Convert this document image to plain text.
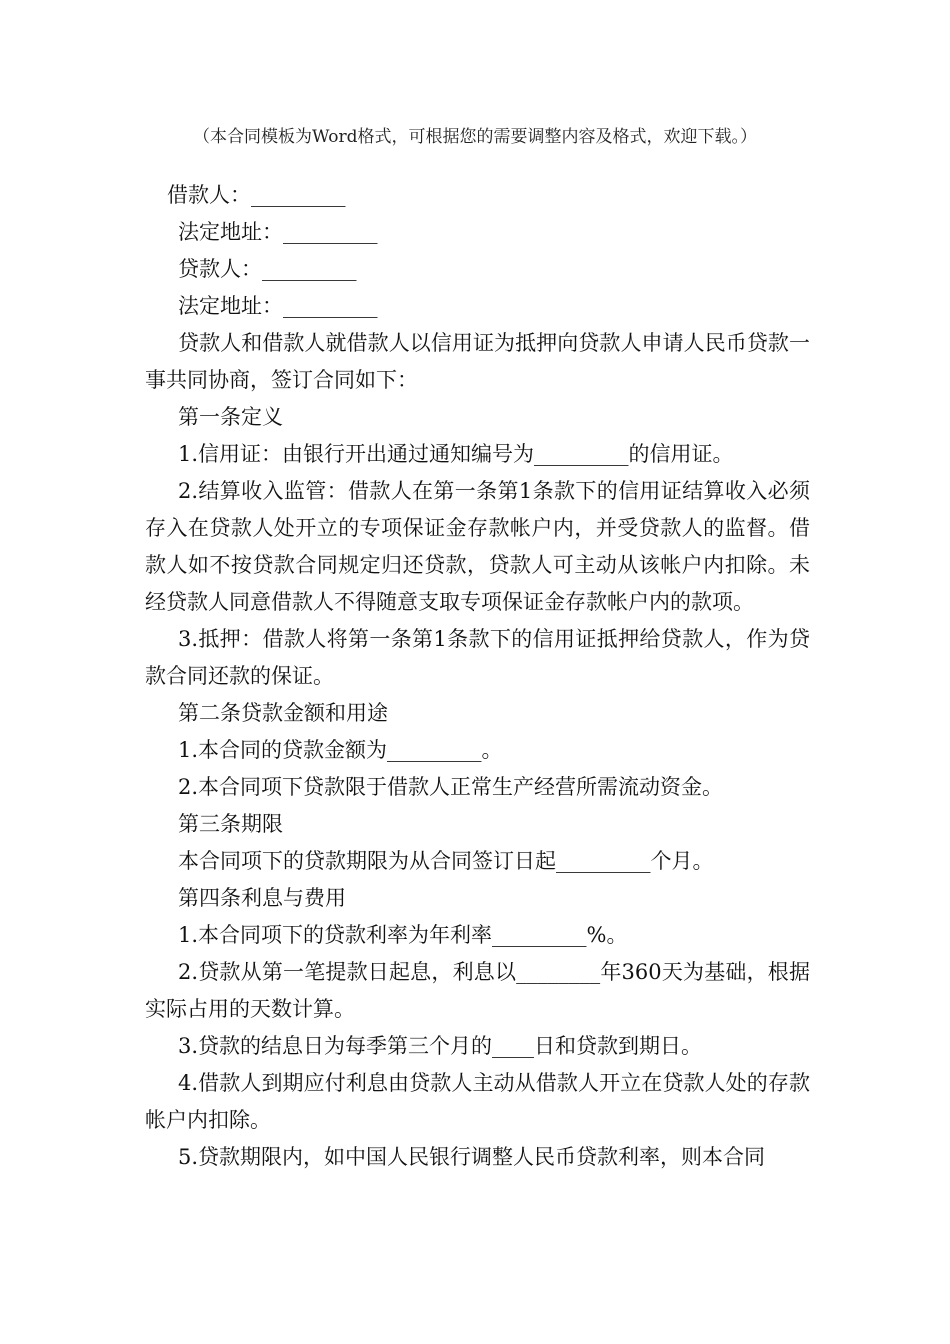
（本合同模板为Word格式，可根据您的需要调整内容及格式，欢迎下载。）

借款人：_________

法定地址：_________

贷款人：_________

法定地址：_________

贷款人和借款人就借款人以信用证为抵押向贷款人申请人民币贷款一事共同协商，签订合同如下：

第一条定义

1.信用证：由银行开出通过通知编号为_________的信用证。

2.结算收入监管：借款人在第一条第1条款下的信用证结算收入必须存入在贷款人处开立的专项保证金存款帐户内，并受贷款人的监督。借款人如不按贷款合同规定归还贷款，贷款人可主动从该帐户内扣除。未经贷款人同意借款人不得随意支取专项保证金存款帐户内的款项。

3.抵押：借款人将第一条第1条款下的信用证抵押给贷款人，作为贷款合同还款的保证。

第二条贷款金额和用途

1.本合同的贷款金额为_________。

2.本合同项下贷款限于借款人正常生产经营所需流动资金。

第三条期限

本合同项下的贷款期限为从合同签订日起_________个月。

第四条利息与费用

1.本合同项下的贷款利率为年利率_________%。

2.贷款从第一笔提款日起息，利息以________年360天为基础，根据实际占用的天数计算。

3.贷款的结息日为每季第三个月的____日和贷款到期日。

4.借款人到期应付利息由贷款人主动从借款人开立在贷款人处的存款帐户内扣除。

5.贷款期限内，如中国人民银行调整人民币贷款利率，则本合同
